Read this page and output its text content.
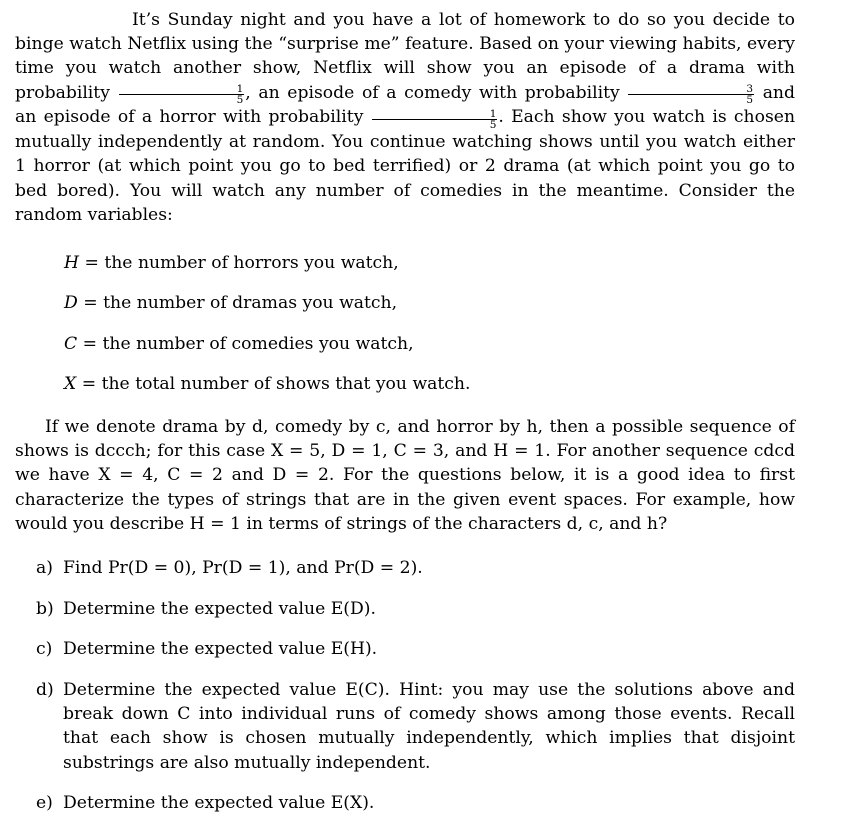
It’s Sunday night and you have a lot of homework to do so you decide to binge watch Netflix using the “surprise me” feature. Based on your viewing habits, every time you watch another show, Netflix will show you an episode of a drama with probability $\frac{1}{5}$ , an episode of a comedy with probability $\frac{3}{5}$ and an episode of a horror with probability $\frac{1}{5}$ . Each show you watch is chosen mutually independently at random. You continue watching shows until you watch either 1 horror (at which point you go to bed terrified) or 2 drama (at which point you go to bed bored). You will watch any number of comedies in the meantime. Consider the random variables:

H = the number of horrors you watch,
D = the number of dramas you watch,
C = the number of comedies you watch,
X = the total number of shows that you watch.

If we denote drama by d, comedy by c, and horror by h, then a possible sequence of shows is dccch; for this case X = 5, D = 1, C = 3, and H = 1. For another sequence cdcd we have X = 4, C = 2 and D = 2. For the questions below, it is a good idea to first characterize the types of strings that are in the given event spaces. For example, how would you describe H = 1 in terms of strings of the characters d, c, and h?

a) Find Pr(D = 0), Pr(D = 1), and Pr(D = 2).
b) Determine the expected value E(D).
c) Determine the expected value E(H).
d) Determine the expected value E(C). Hint: you may use the solutions above and break down C into individual runs of comedy shows among those events. Recall that each show is chosen mutually independently, which implies that disjoint substrings are also mutually independent.
e) Determine the expected value E(X).
